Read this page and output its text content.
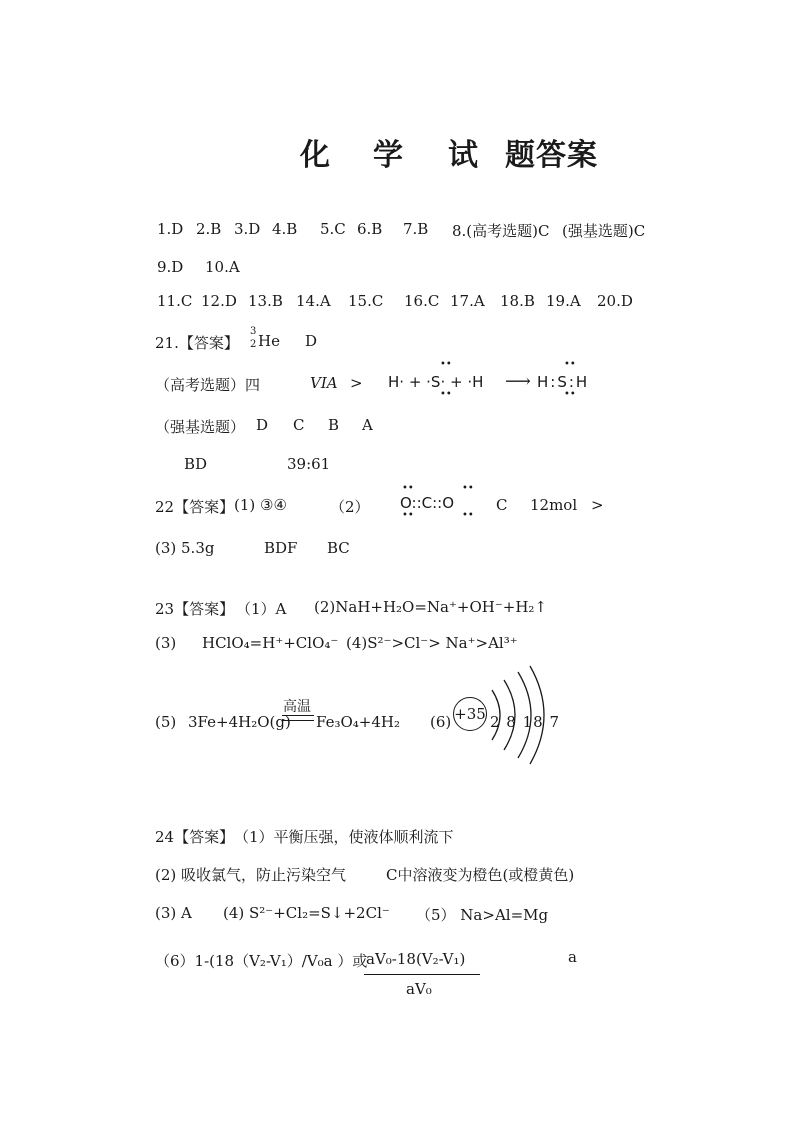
化 学 试 题答案
1.D 2.B 3.D 4.B 5.C 6.B 7.B 8.(高考选题)C (强基选题)C
9.D 10.A
11.C 12.D 13.B 14.A 15.C 16.C 17.A 18.B 19.A 20.D
21.【答案】
3
2 He D
（高考选题）四	VIA > H· + ·S· + ·H ⟶ H:S:H
••
••
••
••
（强基选题） D C B A
BD	39:61
22【答案】 (1) ③④	（2） O::C::O
••	••
••	••
C 12mol >
(3) 5.3g	BDF BC
23【答案】 （1）A (2)NaH+H₂O=Na⁺+OH⁻+H₂↑
(3) HClO₄=H⁺+ClO₄⁻ (4)S²⁻>Cl⁻> Na⁺>Al³⁺
(5) 3Fe+4H₂O(g)
高温
Fe₃O₄+4H₂ (6) +35 2 8 18 7
24【答案】 （1）平衡压强，使液体顺利流下
(2) 吸收氯气，防止污染空气	C中溶液变为橙色(或橙黄色)
(3) A (4) S²⁻+Cl₂=S↓+2Cl⁻ （5） Na>Al=Mg
（6）1-(18（V₂-V₁）/V₀a ）或
aV₀-18(V₂-V₁)
aV₀
a
